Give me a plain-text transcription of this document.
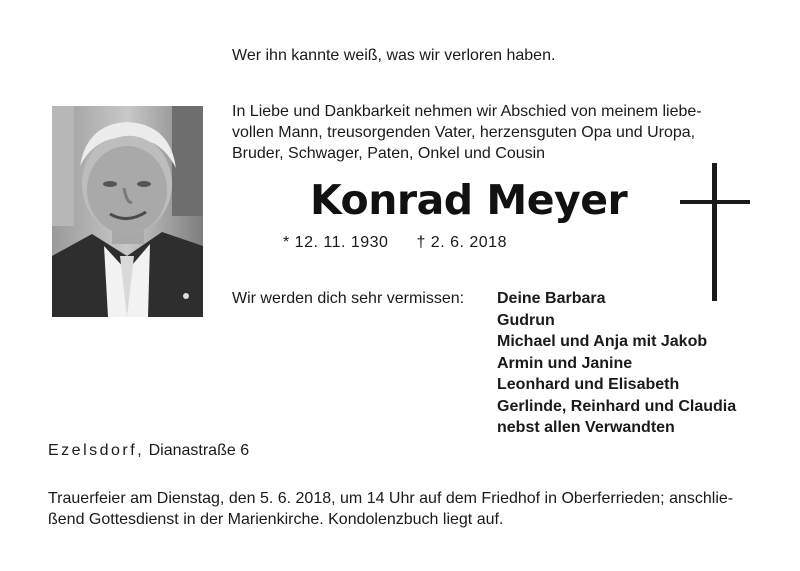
Wer ihn kannte weiß, was wir verloren haben.
In Liebe und Dankbarkeit nehmen wir Abschied von meinem liebe-
vollen Mann, treusorgenden Vater, herzensguten Opa und Uropa,
Bruder, Schwager, Paten, Onkel und Cousin
Konrad Meyer
* 12. 11. 1930 † 2. 6. 2018
Wir werden dich sehr vermissen: Deine Barbara
Gudrun
Michael und Anja mit Jakob
Armin und Janine
Leonhard und Elisabeth
Gerlinde, Reinhard und Claudia
nebst allen Verwandten
Ezelsdorf, Dianastraße 6
Trauerfeier am Dienstag, den 5. 6. 2018, um 14 Uhr auf dem Friedhof in Oberferrieden; anschlie-
ßend Gottesdienst in der Marienkirche. Kondolenzbuch liegt auf.
